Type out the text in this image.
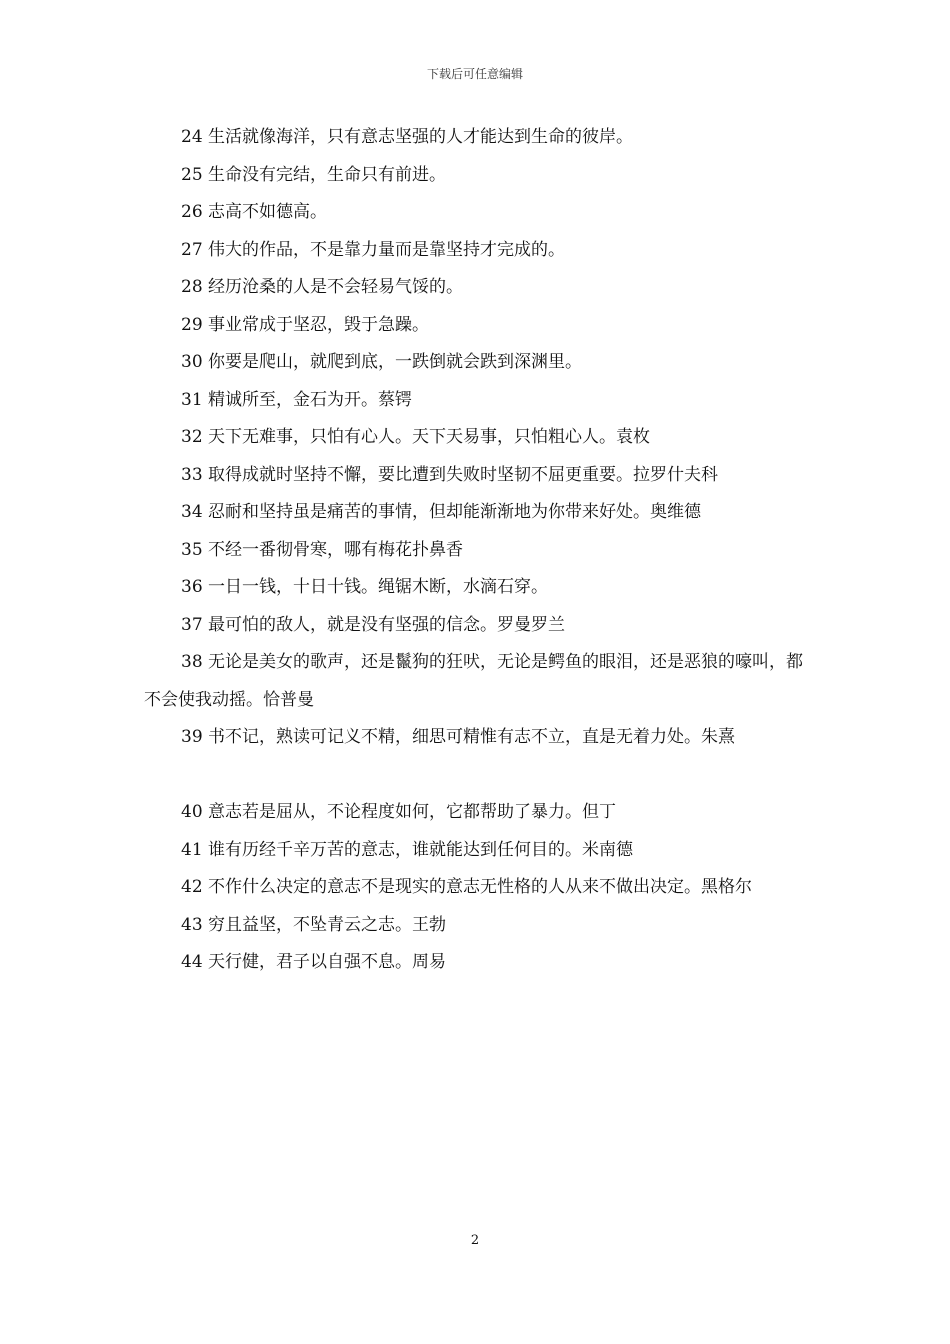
下载后可任意编辑

24 生活就像海洋，只有意志坚强的人才能达到生命的彼岸。

25 生命没有完结，生命只有前进。

26 志高不如德高。

27 伟大的作品，不是靠力量而是靠坚持才完成的。

28 经历沧桑的人是不会轻易气馁的。

29 事业常成于坚忍，毁于急躁。

30 你要是爬山，就爬到底，一跌倒就会跌到深渊里。

31 精诚所至，金石为开。蔡锷

32 天下无难事，只怕有心人。天下天易事，只怕粗心人。袁枚

33 取得成就时坚持不懈，要比遭到失败时坚韧不屈更重要。拉罗什夫科

34 忍耐和坚持虽是痛苦的事情，但却能渐渐地为你带来好处。奥维德

35 不经一番彻骨寒，哪有梅花扑鼻香

36 一日一钱，十日十钱。绳锯木断，水滴石穿。

37 最可怕的敌人，就是没有坚强的信念。罗曼罗兰

38 无论是美女的歌声，还是鬣狗的狂吠，无论是鳄鱼的眼泪，还是恶狼的嚎叫，都不会使我动摇。恰普曼

39 书不记，熟读可记义不精，细思可精惟有志不立，直是无着力处。朱熹

40 意志若是屈从，不论程度如何，它都帮助了暴力。但丁

41 谁有历经千辛万苦的意志，谁就能达到任何目的。米南德

42 不作什么决定的意志不是现实的意志无性格的人从来不做出决定。黑格尔

43 穷且益坚，不坠青云之志。王勃

44 天行健，君子以自强不息。周易

2
